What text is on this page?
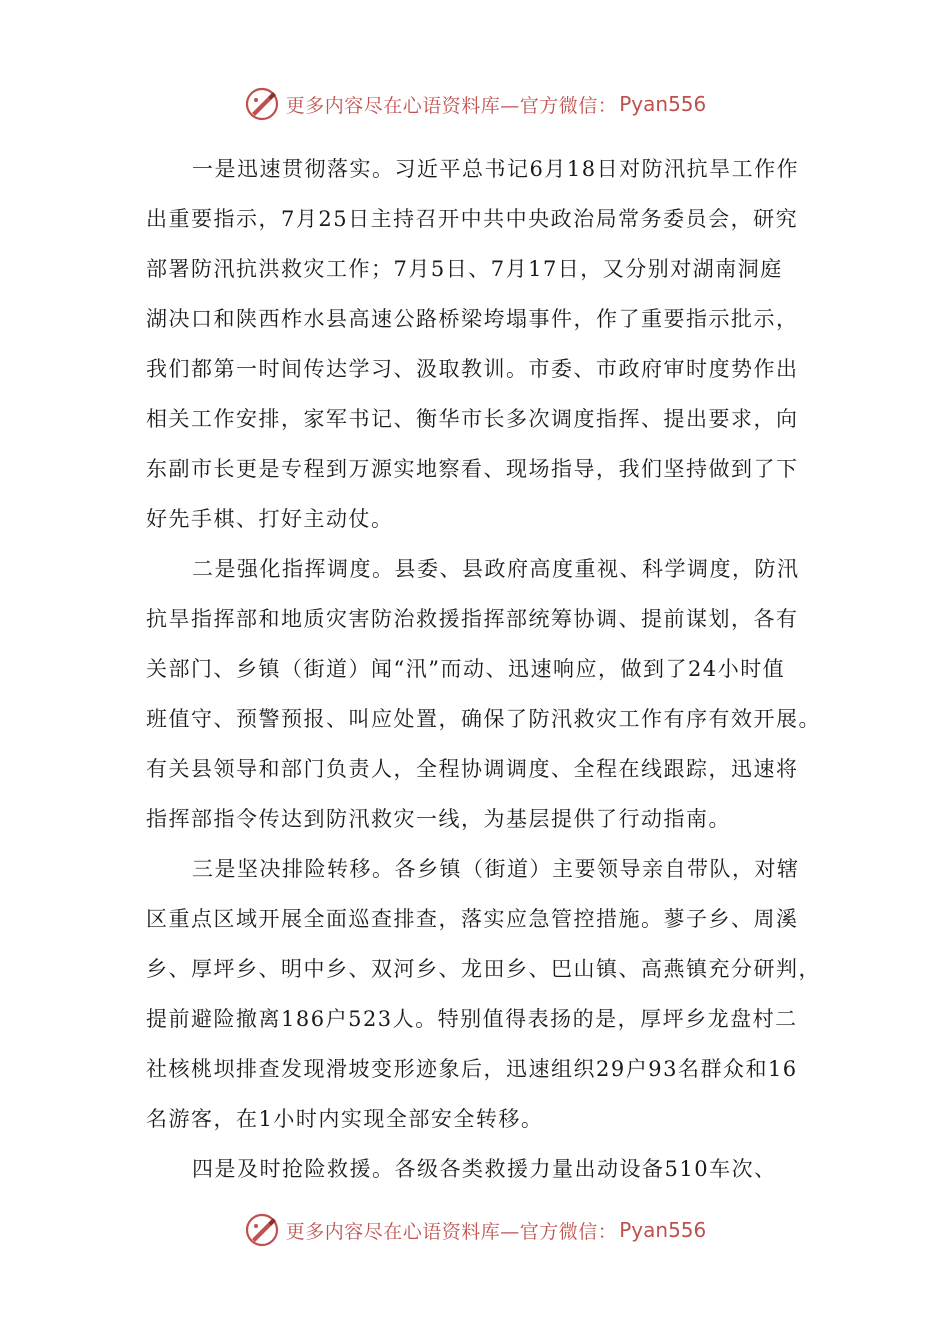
更多内容尽在心语资料库—官方微信： Pyan556

一是迅速贯彻落实。习近平总书记6月18日对防汛抗旱工作作
出重要指示，7月25日主持召开中共中央政治局常务委员会，研究
部署防汛抗洪救灾工作；7月5日、7月17日，又分别对湖南洞庭
湖决口和陕西柞水县高速公路桥梁垮塌事件，作了重要指示批示，
我们都第一时间传达学习、汲取教训。市委、市政府审时度势作出
相关工作安排，家军书记、衡华市长多次调度指挥、提出要求，向
东副市长更是专程到万源实地察看、现场指导，我们坚持做到了下
好先手棋、打好主动仗。

二是强化指挥调度。县委、县政府高度重视、科学调度，防汛
抗旱指挥部和地质灾害防治救援指挥部统筹协调、提前谋划，各有
关部门、乡镇（街道）闻“汛”而动、迅速响应，做到了24小时值
班值守、预警预报、叫应处置，确保了防汛救灾工作有序有效开展。
有关县领导和部门负责人，全程协调调度、全程在线跟踪，迅速将
指挥部指令传达到防汛救灾一线，为基层提供了行动指南。

三是坚决排险转移。各乡镇（街道）主要领导亲自带队，对辖
区重点区域开展全面巡查排查，落实应急管控措施。蓼子乡、周溪
乡、厚坪乡、明中乡、双河乡、龙田乡、巴山镇、高燕镇充分研判，
提前避险撤离186户523人。特别值得表扬的是，厚坪乡龙盘村二
社核桃坝排查发现滑坡变形迹象后，迅速组织29户93名群众和16
名游客，在1小时内实现全部安全转移。

四是及时抢险救援。各级各类救援力量出动设备510车次、

更多内容尽在心语资料库—官方微信： Pyan556
